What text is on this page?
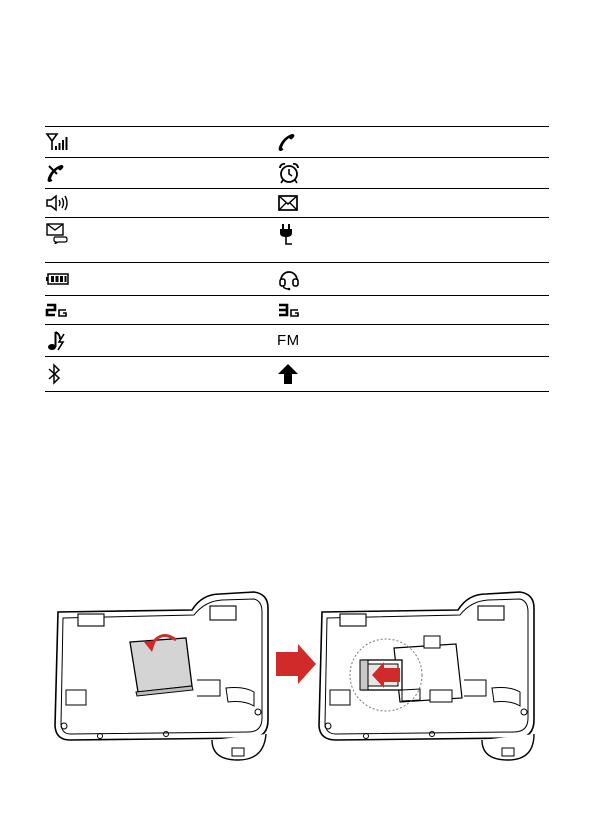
FM
